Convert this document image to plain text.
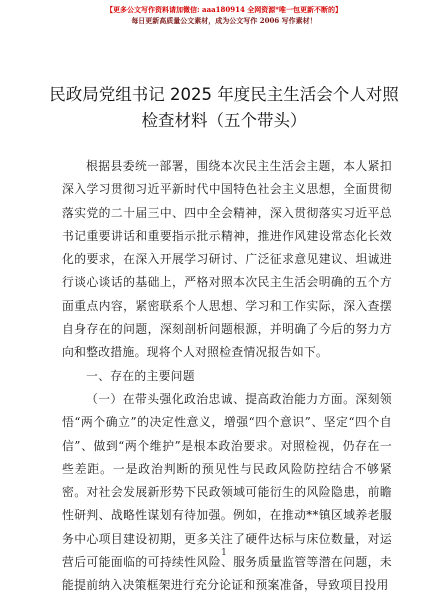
【更多公文写作资料请加微信: aaa180914 全网资源*唯一包更新不断的】
每日更新高质量公文素材，成为公文写作 2006 写作素材！
民政局党组书记 2025 年度民主生活会个人对照
检查材料（五个带头）

根据县委统一部署，围绕本次民主生活会主题，本人紧扣深入学习贯彻习近平新时代中国特色社会主义思想，全面贯彻落实党的二十届三中、四中全会精神，深入贯彻落实习近平总书记重要讲话和重要指示批示精神，推进作风建设常态化长效化的要求，在深入开展学习研讨、广泛征求意见建议、坦诚进行谈心谈话的基础上，严格对照本次民主生活会明确的五个方面重点内容，紧密联系个人思想、学习和工作实际，深入查摆自身存在的问题，深刻剖析问题根源，并明确了今后的努力方向和整改措施。现将个人对照检查情况报告如下。

一、存在的主要问题

（一）在带头强化政治忠诚、提高政治能力方面。深刻领悟“两个确立”的决定性意义，增强“四个意识”、坚定“四个自信”、做到“两个维护”是根本政治要求。对照检视，仍存在一些差距。一是政治判断的预见性与民政风险防控结合不够紧密。对社会发展新形势下民政领域可能衍生的风险隐患，前瞻性研判、战略性谋划有待加强。例如，在推动**镇区域养老服务中心项目建设初期，更多关注了硬件达标与床位数量，对运营后可能面临的可持续性风险、服务质量监管等潜在问题，未能提前纳入决策框架进行充分论证和预案准备，导致项目投用

1
